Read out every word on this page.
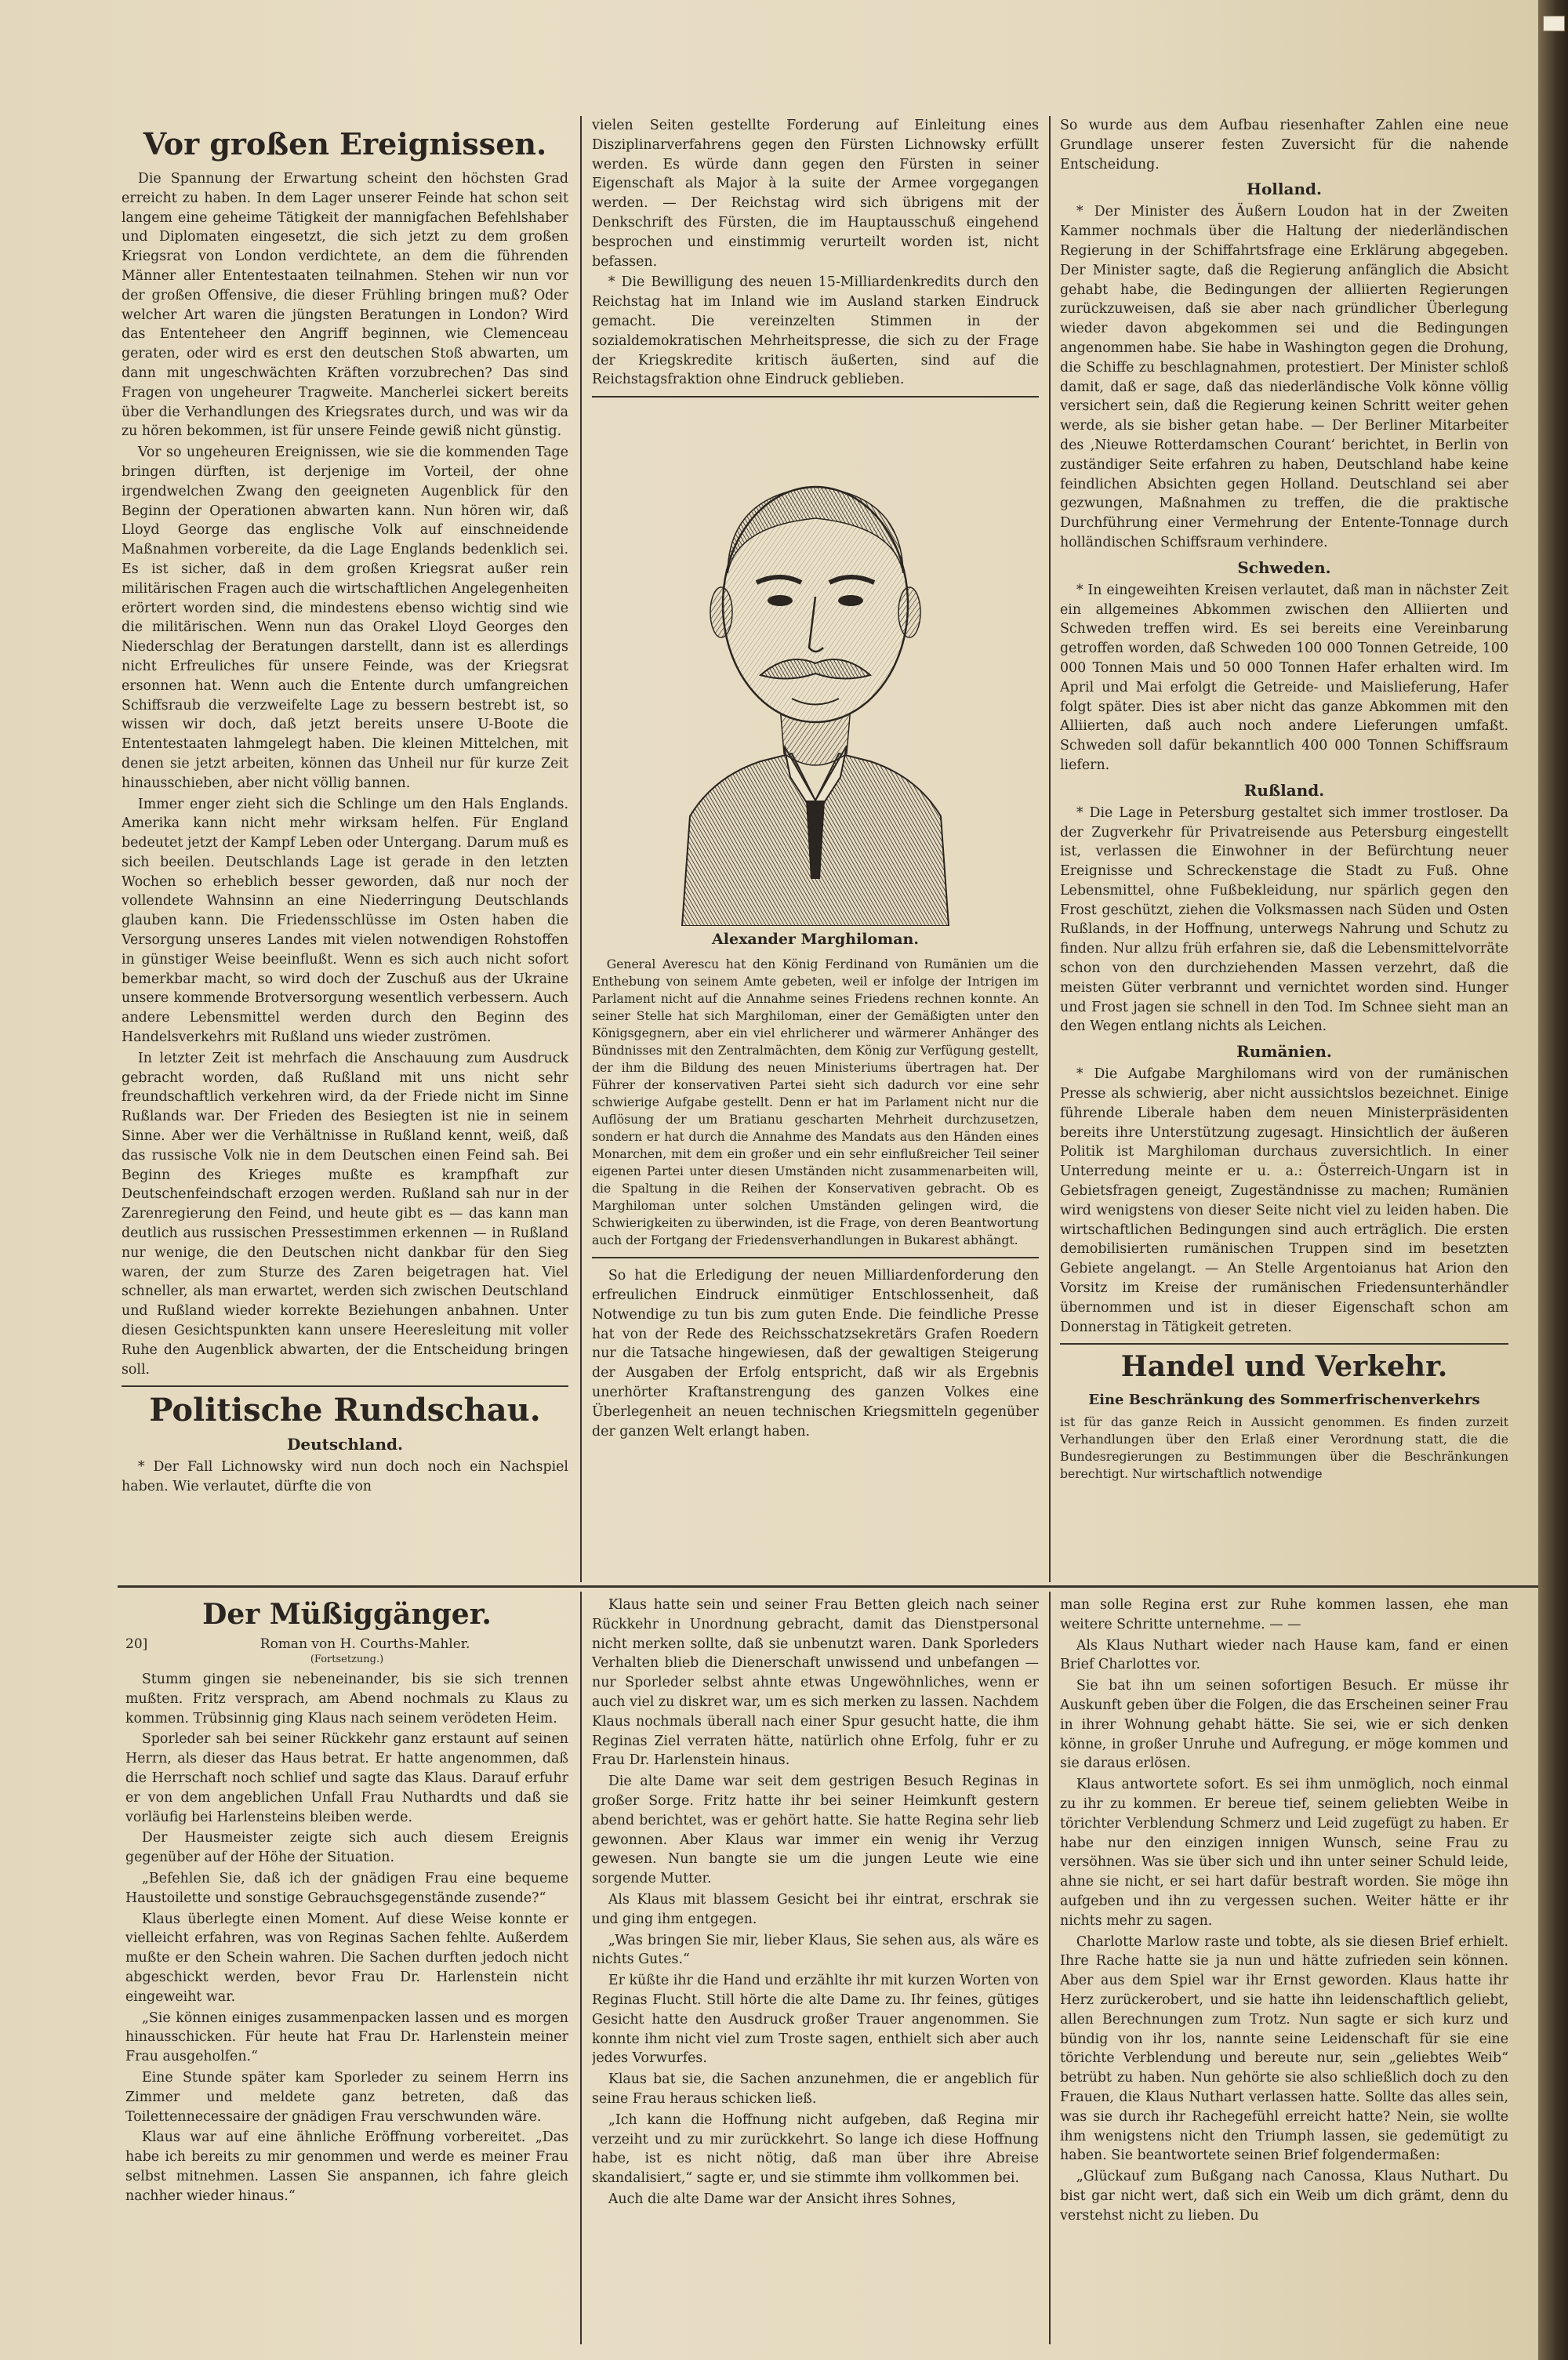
Vor großen Ereignissen.

Die Spannung der Erwartung scheint den höchsten Grad erreicht zu haben. In dem Lager unserer Feinde hat schon seit langem eine geheime Tätigkeit der mannigfachen Befehlshaber und Diplomaten eingesetzt, die sich jetzt zu dem großen Kriegsrat von London verdichtete, an dem die führenden Männer aller Ententestaaten teilnahmen. Stehen wir nun vor der großen Offensive, die dieser Frühling bringen muß? Oder welcher Art waren die jüngsten Beratungen in London? Wird das Ententeheer den Angriff beginnen, wie Clemenceau geraten, oder wird es erst den deutschen Stoß abwarten, um dann mit ungeschwächten Kräften vorzubrechen? Das sind Fragen von ungeheurer Tragweite. Mancherlei sickert bereits über die Verhandlungen des Kriegsrates durch, und was wir da zu hören bekommen, ist für unsere Feinde gewiß nicht günstig.

Vor so ungeheuren Ereignissen, wie sie die kommenden Tage bringen dürften, ist derjenige im Vorteil, der ohne irgendwelchen Zwang den geeigneten Augenblick für den Beginn der Operationen abwarten kann. Nun hören wir, daß Lloyd George das englische Volk auf einschneidende Maßnahmen vorbereite, da die Lage Englands bedenklich sei. Es ist sicher, daß in dem großen Kriegsrat außer rein militärischen Fragen auch die wirtschaftlichen Angelegenheiten erörtert worden sind, die mindestens ebenso wichtig sind wie die militärischen. Wenn nun das Orakel Lloyd Georges den Niederschlag der Beratungen darstellt, dann ist es allerdings nicht Erfreuliches für unsere Feinde, was der Kriegsrat ersonnen hat. Wenn auch die Entente durch umfangreichen Schiffsraub die verzweifelte Lage zu bessern bestrebt ist, so wissen wir doch, daß jetzt bereits unsere U-Boote die Ententestaaten lahmgelegt haben. Die kleinen Mittelchen, mit denen sie jetzt arbeiten, können das Unheil nur für kurze Zeit hinausschieben, aber nicht völlig bannen.

Immer enger zieht sich die Schlinge um den Hals Englands. Amerika kann nicht mehr wirksam helfen. Für England bedeutet jetzt der Kampf Leben oder Untergang. Darum muß es sich beeilen. Deutschlands Lage ist gerade in den letzten Wochen so erheblich besser geworden, daß nur noch der vollendete Wahnsinn an eine Niederringung Deutschlands glauben kann. Die Friedensschlüsse im Osten haben die Versorgung unseres Landes mit vielen notwendigen Rohstoffen in günstiger Weise beeinflußt. Wenn es sich auch nicht sofort bemerkbar macht, so wird doch der Zuschuß aus der Ukraine unsere kommende Brotversorgung wesentlich verbessern. Auch andere Lebensmittel werden durch den Beginn des Handelsverkehrs mit Rußland uns wieder zuströmen.

In letzter Zeit ist mehrfach die Anschauung zum Ausdruck gebracht worden, daß Rußland mit uns nicht sehr freundschaftlich verkehren wird, da der Friede nicht im Sinne Rußlands war. Der Frieden des Besiegten ist nie in seinem Sinne. Aber wer die Verhältnisse in Rußland kennt, weiß, daß das russische Volk nie in dem Deutschen einen Feind sah. Bei Beginn des Krieges mußte es krampfhaft zur Deutschenfeindschaft erzogen werden. Rußland sah nur in der Zarenregierung den Feind, und heute gibt es — das kann man deutlich aus russischen Pressestimmen erkennen — in Rußland nur wenige, die den Deutschen nicht dankbar für den Sieg waren, der zum Sturze des Zaren beigetragen hat. Viel schneller, als man erwartet, werden sich zwischen Deutschland und Rußland wieder korrekte Beziehungen anbahnen. Unter diesen Gesichtspunkten kann unsere Heeresleitung mit voller Ruhe den Augenblick abwarten, der die Entscheidung bringen soll.

Politische Rundschau.
Deutschland.

* Der Fall Lichnowsky wird nun doch noch ein Nachspiel haben. Wie verlautet, dürfte die von

vielen Seiten gestellte Forderung auf Einleitung eines Disziplinarverfahrens gegen den Fürsten Lichnowsky erfüllt werden. Es würde dann gegen den Fürsten in seiner Eigenschaft als Major à la suite der Armee vorgegangen werden. — Der Reichstag wird sich übrigens mit der Denkschrift des Fürsten, die im Hauptausschuß eingehend besprochen und einstimmig verurteilt worden ist, nicht befassen.

* Die Bewilligung des neuen 15-Milliardenkredits durch den Reichstag hat im Inland wie im Ausland starken Eindruck gemacht. Die vereinzelten Stimmen in der sozialdemokratischen Mehrheitspresse, die sich zu der Frage der Kriegskredite kritisch äußerten, sind auf die Reichstagsfraktion ohne Eindruck geblieben.

Alexander Marghiloman.

General Averescu hat den König Ferdinand von Rumänien um die Enthebung von seinem Amte gebeten, weil er infolge der Intrigen im Parlament nicht auf die Annahme seines Friedens rechnen konnte. An seiner Stelle hat sich Marghiloman, einer der Gemäßigten unter den Königsgegnern, aber ein viel ehrlicherer und wärmerer Anhänger des Bündnisses mit den Zentralmächten, dem König zur Verfügung gestellt, der ihm die Bildung des neuen Ministeriums übertragen hat. Der Führer der konservativen Partei sieht sich dadurch vor eine sehr schwierige Aufgabe gestellt. Denn er hat im Parlament nicht nur die Auflösung der um Bratianu gescharten Mehrheit durchzusetzen, sondern er hat durch die Annahme des Mandats aus den Händen eines Monarchen, mit dem ein großer und ein sehr einflußreicher Teil seiner eigenen Partei unter diesen Umständen nicht zusammenarbeiten will, die Spaltung in die Reihen der Konservativen gebracht. Ob es Marghiloman unter solchen Umständen gelingen wird, die Schwierigkeiten zu überwinden, ist die Frage, von deren Beantwortung auch der Fortgang der Friedensverhandlungen in Bukarest abhängt.

So hat die Erledigung der neuen Milliardenforderung den erfreulichen Eindruck einmütiger Entschlossenheit, daß Notwendige zu tun bis zum guten Ende. Die feindliche Presse hat von der Rede des Reichsschatzsekretärs Grafen Roedern nur die Tatsache hingewiesen, daß der gewaltigen Steigerung der Ausgaben der Erfolg entspricht, daß wir als Ergebnis unerhörter Kraftanstrengung des ganzen Volkes eine Überlegenheit an neuen technischen Kriegsmitteln gegenüber der ganzen Welt erlangt haben.

So wurde aus dem Aufbau riesenhafter Zahlen eine neue Grundlage unserer festen Zuversicht für die nahende Entscheidung.

Holland.

* Der Minister des Äußern Loudon hat in der Zweiten Kammer nochmals über die Haltung der niederländischen Regierung in der Schiffahrtsfrage eine Erklärung abgegeben. Der Minister sagte, daß die Regierung anfänglich die Absicht gehabt habe, die Bedingungen der alliierten Regierungen zurückzuweisen, daß sie aber nach gründlicher Überlegung wieder davon abgekommen sei und die Bedingungen angenommen habe. Sie habe in Washington gegen die Drohung, die Schiffe zu beschlagnahmen, protestiert. Der Minister schloß damit, daß er sage, daß das niederländische Volk könne völlig versichert sein, daß die Regierung keinen Schritt weiter gehen werde, als sie bisher getan habe. — Der Berliner Mitarbeiter des ‚Nieuwe Rotterdamschen Courant‘ berichtet, in Berlin von zuständiger Seite erfahren zu haben, Deutschland habe keine feindlichen Absichten gegen Holland. Deutschland sei aber gezwungen, Maßnahmen zu treffen, die die praktische Durchführung einer Vermehrung der Entente-Tonnage durch holländischen Schiffsraum verhindere.

Schweden.

* In eingeweihten Kreisen verlautet, daß man in nächster Zeit ein allgemeines Abkommen zwischen den Alliierten und Schweden treffen wird. Es sei bereits eine Vereinbarung getroffen worden, daß Schweden 100 000 Tonnen Getreide, 100 000 Tonnen Mais und 50 000 Tonnen Hafer erhalten wird. Im April und Mai erfolgt die Getreide- und Maislieferung, Hafer folgt später. Dies ist aber nicht das ganze Abkommen mit den Alliierten, daß auch noch andere Lieferungen umfaßt. Schweden soll dafür bekanntlich 400 000 Tonnen Schiffsraum liefern.

Rußland.

* Die Lage in Petersburg gestaltet sich immer trostloser. Da der Zugverkehr für Privatreisende aus Petersburg eingestellt ist, verlassen die Einwohner in der Befürchtung neuer Ereignisse und Schreckenstage die Stadt zu Fuß. Ohne Lebensmittel, ohne Fußbekleidung, nur spärlich gegen den Frost geschützt, ziehen die Volksmassen nach Süden und Osten Rußlands, in der Hoffnung, unterwegs Nahrung und Schutz zu finden. Nur allzu früh erfahren sie, daß die Lebensmittelvorräte schon von den durchziehenden Massen verzehrt, daß die meisten Güter verbrannt und vernichtet worden sind. Hunger und Frost jagen sie schnell in den Tod. Im Schnee sieht man an den Wegen entlang nichts als Leichen.

Rumänien.

* Die Aufgabe Marghilomans wird von der rumänischen Presse als schwierig, aber nicht aussichtslos bezeichnet. Einige führende Liberale haben dem neuen Ministerpräsidenten bereits ihre Unterstützung zugesagt. Hinsichtlich der äußeren Politik ist Marghiloman durchaus zuversichtlich. In einer Unterredung meinte er u. a.: Österreich-Ungarn ist in Gebietsfragen geneigt, Zugeständnisse zu machen; Rumänien wird wenigstens von dieser Seite nicht viel zu leiden haben. Die wirtschaftlichen Bedingungen sind auch erträglich. Die ersten demobilisierten rumänischen Truppen sind im besetzten Gebiete angelangt. — An Stelle Argentoianus hat Arion den Vorsitz im Kreise der rumänischen Friedensunterhändler übernommen und ist in dieser Eigenschaft schon am Donnerstag in Tätigkeit getreten.

Handel und Verkehr.
Eine Beschränkung des Sommerfrischenverkehrs

ist für das ganze Reich in Aussicht genommen. Es finden zurzeit Verhandlungen über den Erlaß einer Verordnung statt, die die Bundesregierungen zu Bestimmungen über die Beschränkungen berechtigt. Nur wirtschaftlich notwendige

Der Müßiggänger.
20]	Roman von H. Courths-Mahler.
(Fortsetzung.)

Stumm gingen sie nebeneinander, bis sie sich trennen mußten. Fritz versprach, am Abend nochmals zu Klaus zu kommen. Trübsinnig ging Klaus nach seinem verödeten Heim.

Sporleder sah bei seiner Rückkehr ganz erstaunt auf seinen Herrn, als dieser das Haus betrat. Er hatte angenommen, daß die Herrschaft noch schlief und sagte das Klaus. Darauf erfuhr er von dem angeblichen Unfall Frau Nuthardts und daß sie vorläufig bei Harlensteins bleiben werde.

Der Hausmeister zeigte sich auch diesem Ereignis gegenüber auf der Höhe der Situation.

„Befehlen Sie, daß ich der gnädigen Frau eine bequeme Haustoilette und sonstige Gebrauchsgegenstände zusende?“

Klaus überlegte einen Moment. Auf diese Weise konnte er vielleicht erfahren, was von Reginas Sachen fehlte. Außerdem mußte er den Schein wahren. Die Sachen durften jedoch nicht abgeschickt werden, bevor Frau Dr. Harlenstein nicht eingeweiht war.

„Sie können einiges zusammenpacken lassen und es morgen hinausschicken. Für heute hat Frau Dr. Harlenstein meiner Frau ausgeholfen.“

Eine Stunde später kam Sporleder zu seinem Herrn ins Zimmer und meldete ganz betreten, daß das Toilettennecessaire der gnädigen Frau verschwunden wäre.

Klaus war auf eine ähnliche Eröffnung vorbereitet. „Das habe ich bereits zu mir genommen und werde es meiner Frau selbst mitnehmen. Lassen Sie anspannen, ich fahre gleich nachher wieder hinaus.“

Klaus hatte sein und seiner Frau Betten gleich nach seiner Rückkehr in Unordnung gebracht, damit das Dienstpersonal nicht merken sollte, daß sie unbenutzt waren. Dank Sporleders Verhalten blieb die Dienerschaft unwissend und unbefangen — nur Sporleder selbst ahnte etwas Ungewöhnliches, wenn er auch viel zu diskret war, um es sich merken zu lassen. Nachdem Klaus nochmals überall nach einer Spur gesucht hatte, die ihm Reginas Ziel verraten hätte, natürlich ohne Erfolg, fuhr er zu Frau Dr. Harlenstein hinaus.

Die alte Dame war seit dem gestrigen Besuch Reginas in großer Sorge. Fritz hatte ihr bei seiner Heimkunft gestern abend berichtet, was er gehört hatte. Sie hatte Regina sehr lieb gewonnen. Aber Klaus war immer ein wenig ihr Verzug gewesen. Nun bangte sie um die jungen Leute wie eine sorgende Mutter.

Als Klaus mit blassem Gesicht bei ihr eintrat, erschrak sie und ging ihm entgegen.

„Was bringen Sie mir, lieber Klaus, Sie sehen aus, als wäre es nichts Gutes.“

Er küßte ihr die Hand und erzählte ihr mit kurzen Worten von Reginas Flucht. Still hörte die alte Dame zu. Ihr feines, gütiges Gesicht hatte den Ausdruck großer Trauer angenommen. Sie konnte ihm nicht viel zum Troste sagen, enthielt sich aber auch jedes Vorwurfes.

Klaus bat sie, die Sachen anzunehmen, die er angeblich für seine Frau heraus schicken ließ.

„Ich kann die Hoffnung nicht aufgeben, daß Regina mir verzeiht und zu mir zurückkehrt. So lange ich diese Hoffnung habe, ist es nicht nötig, daß man über ihre Abreise skandalisiert,“ sagte er, und sie stimmte ihm vollkommen bei.

Auch die alte Dame war der Ansicht ihres Sohnes,

man solle Regina erst zur Ruhe kommen lassen, ehe man weitere Schritte unternehme. — —

Als Klaus Nuthart wieder nach Hause kam, fand er einen Brief Charlottes vor.

Sie bat ihn um seinen sofortigen Besuch. Er müsse ihr Auskunft geben über die Folgen, die das Erscheinen seiner Frau in ihrer Wohnung gehabt hätte. Sie sei, wie er sich denken könne, in großer Unruhe und Aufregung, er möge kommen und sie daraus erlösen.

Klaus antwortete sofort. Es sei ihm unmöglich, noch einmal zu ihr zu kommen. Er bereue tief, seinem geliebten Weibe in törichter Verblendung Schmerz und Leid zugefügt zu haben. Er habe nur den einzigen innigen Wunsch, seine Frau zu versöhnen. Was sie über sich und ihn unter seiner Schuld leide, ahne sie nicht, er sei hart dafür bestraft worden. Sie möge ihn aufgeben und ihn zu vergessen suchen. Weiter hätte er ihr nichts mehr zu sagen.

Charlotte Marlow raste und tobte, als sie diesen Brief erhielt. Ihre Rache hatte sie ja nun und hätte zufrieden sein können. Aber aus dem Spiel war ihr Ernst geworden. Klaus hatte ihr Herz zurückerobert, und sie hatte ihn leidenschaftlich geliebt, allen Berechnungen zum Trotz. Nun sagte er sich kurz und bündig von ihr los, nannte seine Leidenschaft für sie eine törichte Verblendung und bereute nur, sein „geliebtes Weib“ betrübt zu haben. Nun gehörte sie also schließlich doch zu den Frauen, die Klaus Nuthart verlassen hatte. Sollte das alles sein, was sie durch ihr Rachegefühl erreicht hatte? Nein, sie wollte ihm wenigstens nicht den Triumph lassen, sie gedemütigt zu haben. Sie beantwortete seinen Brief folgendermaßen:

„Glückauf zum Bußgang nach Canossa, Klaus Nuthart. Du bist gar nicht wert, daß sich ein Weib um dich grämt, denn du verstehst nicht zu lieben. Du
